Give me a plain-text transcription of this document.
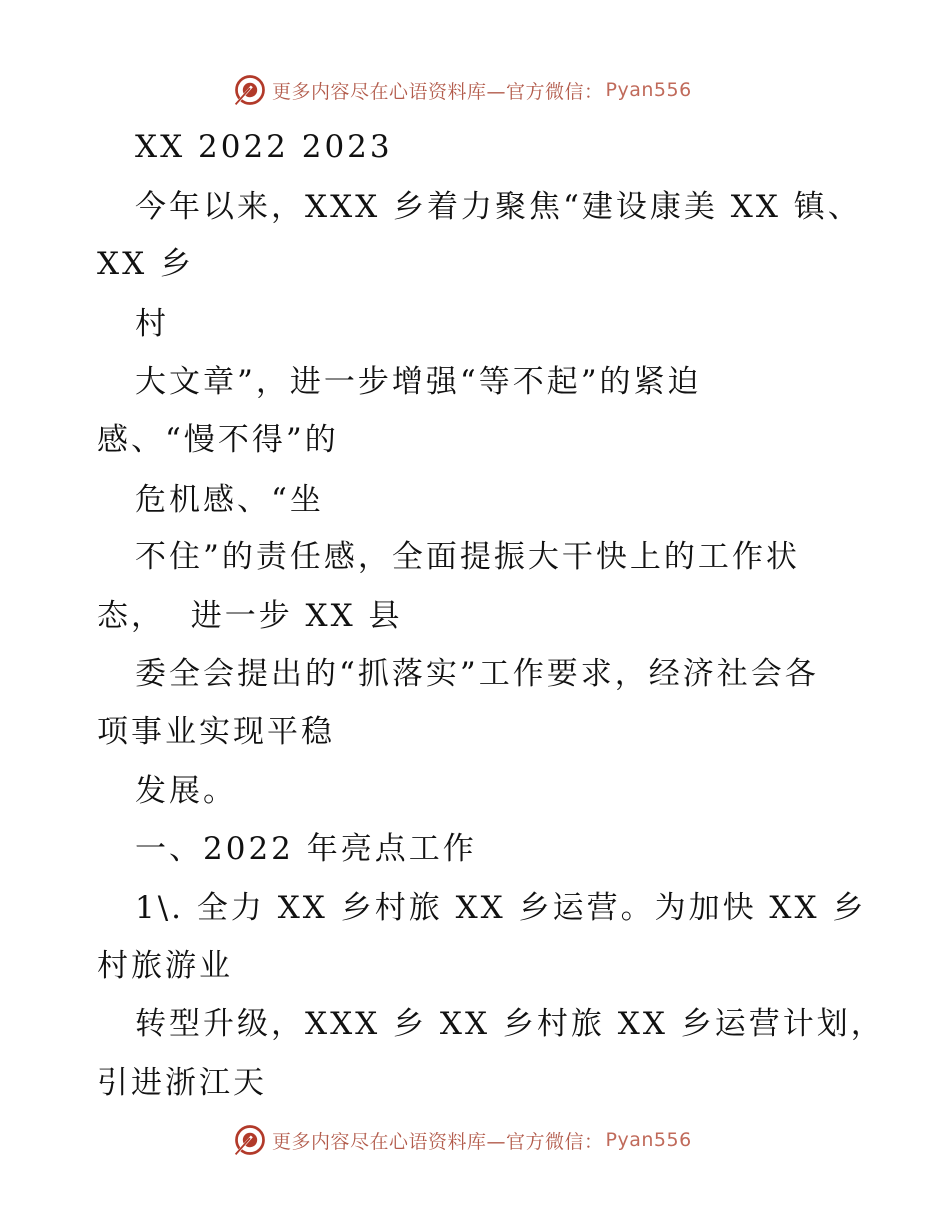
更多内容尽在心语资料库—官方微信： Pyan556
XX 2022 2023
今年以来，XXX 乡着力聚焦“建设康美 XX 镇、
XX 乡
村
大文章”，进一步增强“等不起”的紧迫
感、“慢不得”的
危机感、“坐
不住”的责任感，全面提振大干快上的工作状
态，  进一步 XX 县
委全会提出的“抓落实”工作要求，经济社会各
项事业实现平稳
发展。
一、2022 年亮点工作
1\. 全力 XX 乡村旅 XX 乡运营。为加快 XX 乡
村旅游业
转型升级，XXX 乡 XX 乡村旅 XX 乡运营计划，
引进浙江天
更多内容尽在心语资料库—官方微信： Pyan556
